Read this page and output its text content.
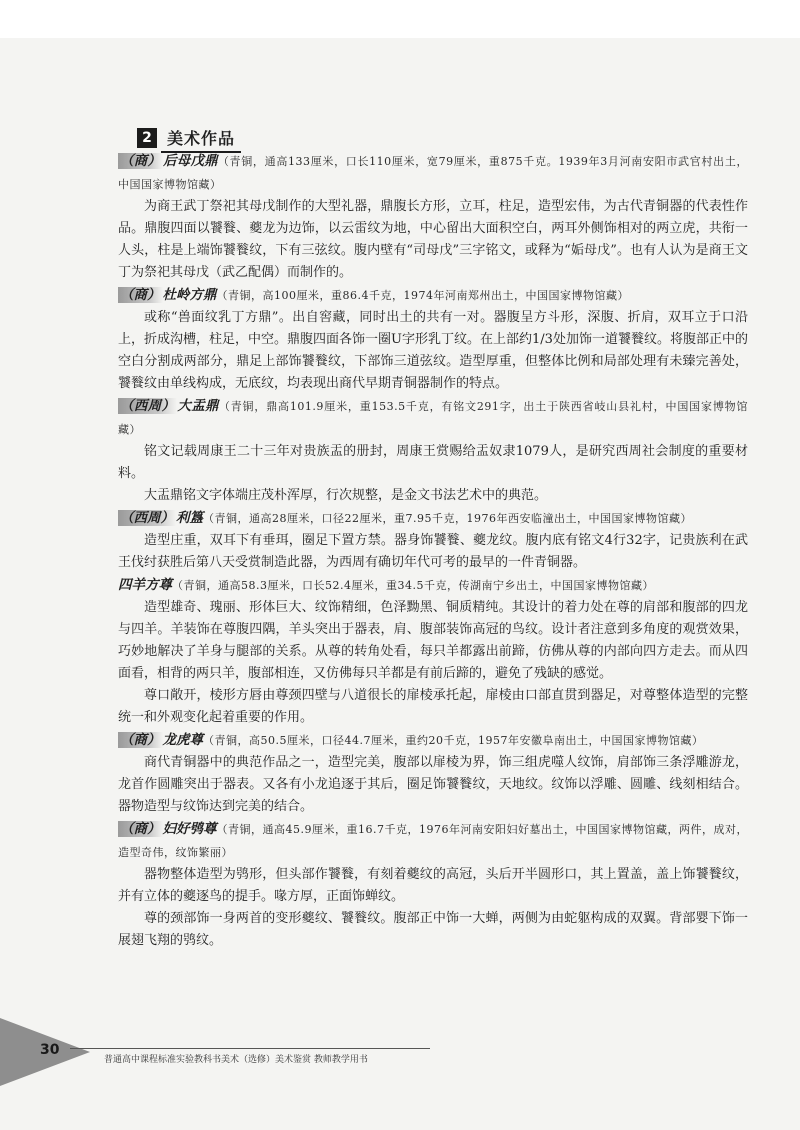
2 美术作品

（商） 后母戊鼎（青铜，通高133厘米，口长110厘米，宽79厘米，重875千克。1939年3月河南安阳市武官村出土，中国国家博物馆藏）

为商王武丁祭祀其母戊制作的大型礼器，鼎腹长方形，立耳，柱足，造型宏伟，为古代青铜器的代表性作品。鼎腹四面以饕餮、夔龙为边饰，以云雷纹为地，中心留出大面积空白，两耳外侧饰相对的两立虎，共衔一人头，柱是上端饰饕餮纹，下有三弦纹。腹内壁有“司母戊”三字铭文，或释为“姤母戊”。也有人认为是商王文丁为祭祀其母戊（武乙配偶）而制作的。

（商） 杜岭方鼎（青铜，高100厘米，重86.4千克，1974年河南郑州出土，中国国家博物馆藏）

或称“兽面纹乳丁方鼎”。出自窖藏，同时出土的共有一对。器腹呈方斗形，深腹、折肩，双耳立于口沿上，折成沟槽，柱足，中空。鼎腹四面各饰一圈U字形乳丁纹。在上部约1/3处加饰一道饕餮纹。将腹部正中的空白分割成两部分，鼎足上部饰饕餮纹，下部饰三道弦纹。造型厚重，但整体比例和局部处理有未臻完善处，饕餮纹由单线构成，无底纹，均表现出商代早期青铜器制作的特点。

（西周） 大盂鼎（青铜，鼎高101.9厘米，重153.5千克，有铭文291字，出土于陕西省岐山县礼村，中国国家博物馆藏）

铭文记载周康王二十三年对贵族盂的册封，周康王赏赐给盂奴隶1079人，是研究西周社会制度的重要材料。

大盂鼎铭文字体端庄茂朴浑厚，行次规整，是金文书法艺术中的典范。

（西周） 利簋（青铜，通高28厘米，口径22厘米，重7.95千克，1976年西安临潼出土，中国国家博物馆藏）

造型庄重，双耳下有垂珥，圈足下置方禁。器身饰饕餮、夔龙纹。腹内底有铭文4行32字，记贵族利在武王伐纣获胜后第八天受赏制造此器，为西周有确切年代可考的最早的一件青铜器。

四羊方尊（青铜，通高58.3厘米，口长52.4厘米，重34.5千克，传湖南宁乡出土，中国国家博物馆藏）

造型雄奇、瑰丽、形体巨大、纹饰精细，色泽黝黑、铜质精纯。其设计的着力处在尊的肩部和腹部的四龙与四羊。羊装饰在尊腹四隅，羊头突出于器表，肩、腹部装饰高冠的鸟纹。设计者注意到多角度的观赏效果，巧妙地解决了羊身与腿部的关系。从尊的转角处看，每只羊都露出前蹄，仿佛从尊的内部向四方走去。而从四面看，相背的两只羊，腹部相连，又仿佛每只羊都是有前后蹄的，避免了残缺的感觉。

尊口敞开，棱形方唇由尊颈四壁与八道很长的扉棱承托起，扉棱由口部直贯到器足，对尊整体造型的完整统一和外观变化起着重要的作用。

（商） 龙虎尊（青铜，高50.5厘米，口径44.7厘米，重约20千克，1957年安徽阜南出土，中国国家博物馆藏）

商代青铜器中的典范作品之一，造型完美，腹部以扉棱为界，饰三组虎噬人纹饰，肩部饰三条浮雕游龙，龙首作圆雕突出于器表。又各有小龙追逐于其后，圈足饰饕餮纹，天地纹。纹饰以浮雕、圆雕、线刻相结合。器物造型与纹饰达到完美的结合。

（商） 妇好鸮尊（青铜，通高45.9厘米，重16.7千克，1976年河南安阳妇好墓出土，中国国家博物馆藏，两件，成对，造型奇伟，纹饰繁丽）

器物整体造型为鸮形，但头部作饕餮，有刻着夔纹的高冠，头后开半圆形口，其上置盖，盖上饰饕餮纹，并有立体的夔逐鸟的提手。喙方厚，正面饰蝉纹。

尊的颈部饰一身两首的变形夔纹、饕餮纹。腹部正中饰一大蝉，两侧为由蛇躯构成的双翼。背部婴下饰一展翅飞翔的鸮纹。

30
普通高中课程标准实验教科书美术（选修）美术鉴赏 教师教学用书
